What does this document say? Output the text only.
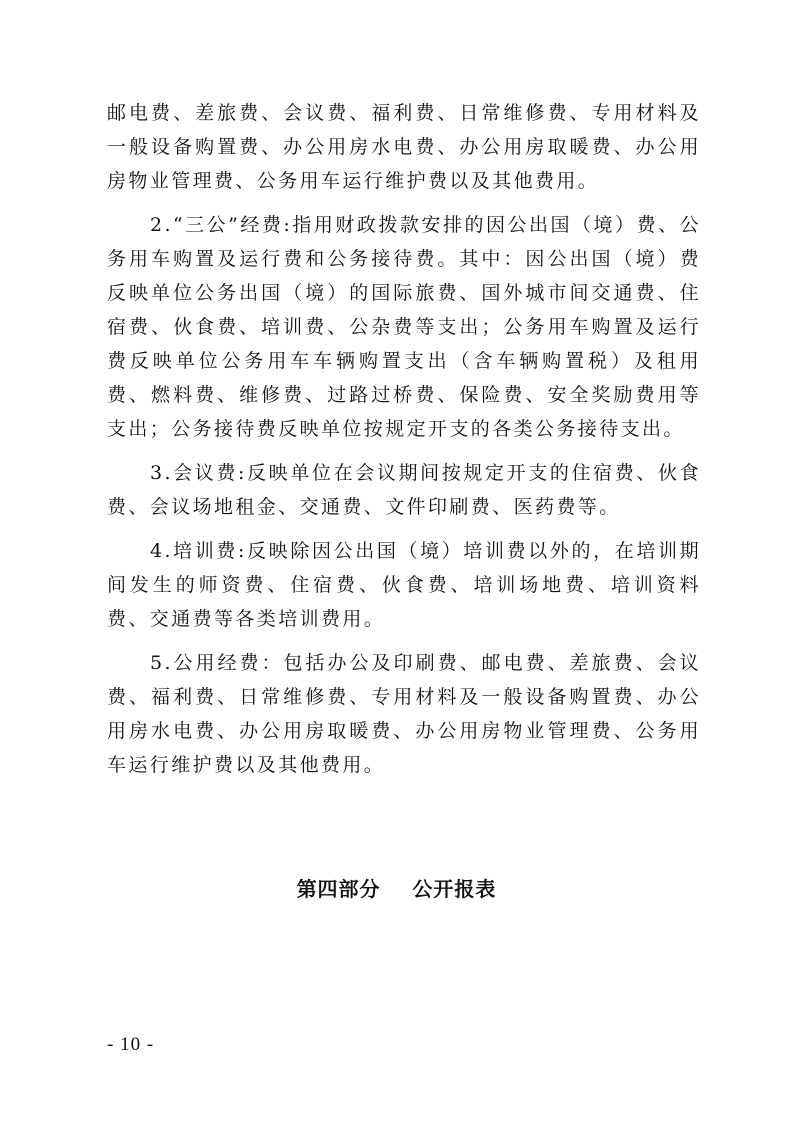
邮电费、差旅费、会议费、福利费、日常维修费、专用材料及一般设备购置费、办公用房水电费、办公用房取暖费、办公用房物业管理费、公务用车运行维护费以及其他费用。

2.“三公”经费:指用财政拨款安排的因公出国（境）费、公务用车购置及运行费和公务接待费。其中：因公出国（境）费反映单位公务出国（境）的国际旅费、国外城市间交通费、住宿费、伙食费、培训费、公杂费等支出；公务用车购置及运行费反映单位公务用车车辆购置支出（含车辆购置税）及租用费、燃料费、维修费、过路过桥费、保险费、安全奖励费用等支出；公务接待费反映单位按规定开支的各类公务接待支出。

3.会议费:反映单位在会议期间按规定开支的住宿费、伙食费、会议场地租金、交通费、文件印刷费、医药费等。

4.培训费:反映除因公出国（境）培训费以外的，在培训期间发生的师资费、住宿费、伙食费、培训场地费、培训资料费、交通费等各类培训费用。

5.公用经费：包括办公及印刷费、邮电费、差旅费、会议费、福利费、日常维修费、专用材料及一般设备购置费、办公用房水电费、办公用房取暖费、办公用房物业管理费、公务用车运行维护费以及其他费用。

第四部分    公开报表
- 10 -
